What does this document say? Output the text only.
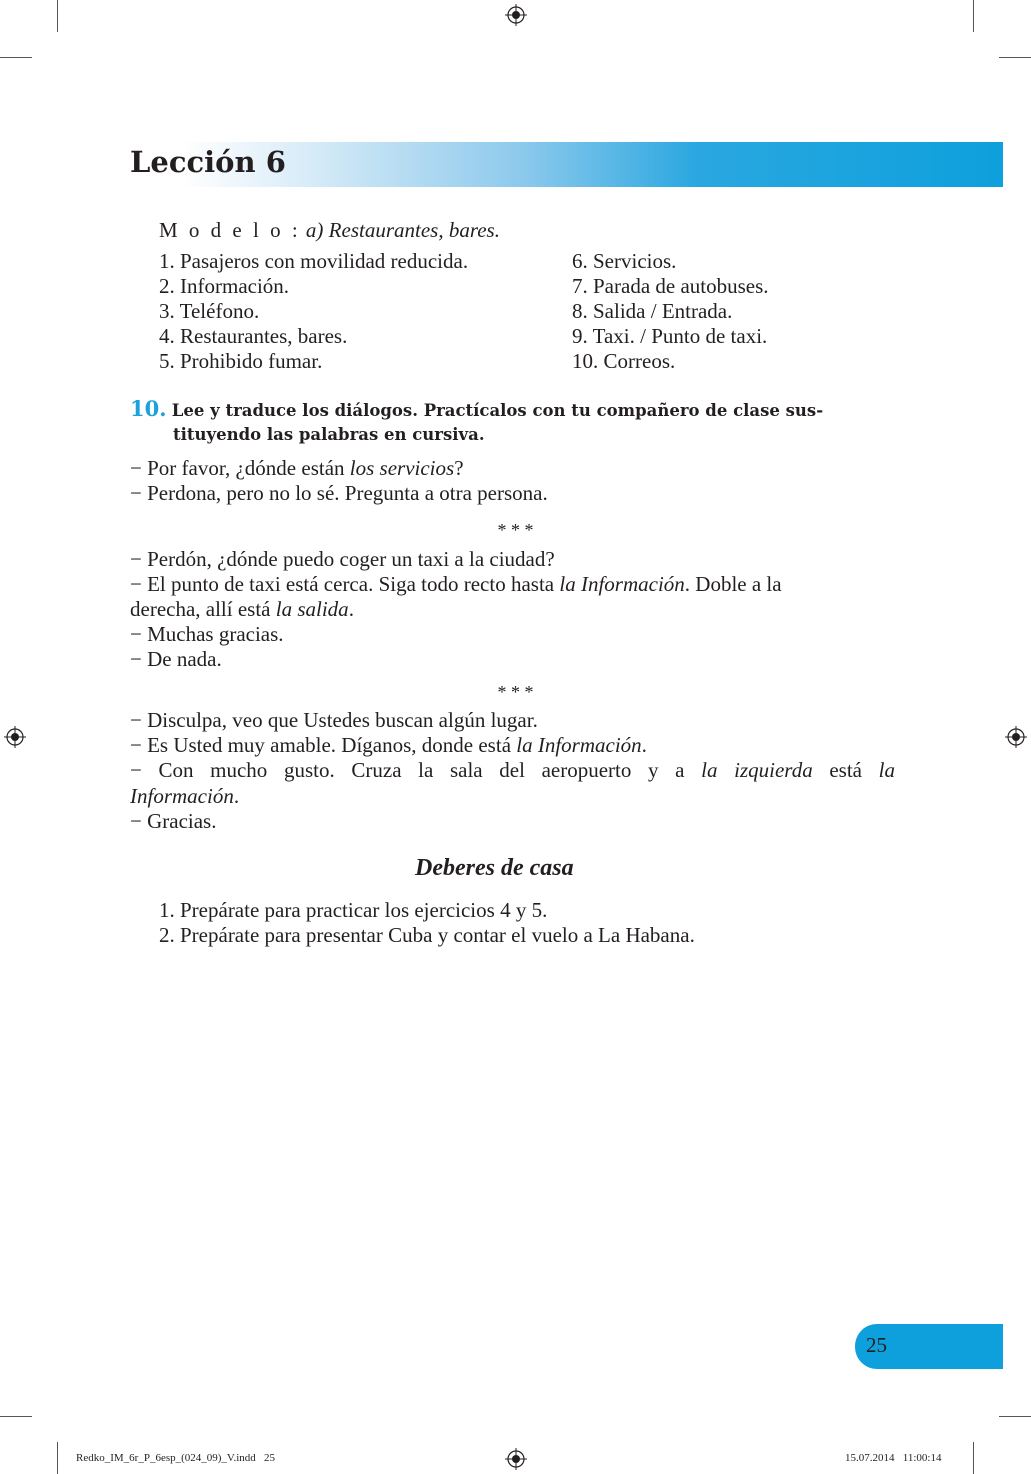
Lección 6
M o d e l o : a) Restaurantes, bares.
1. Pasajeros con movilidad reducida.
2. Información.
3. Teléfono.
4. Restaurantes, bares.
5. Prohibido fumar.
6. Servicios.
7. Parada de autobuses.
8. Salida / Entrada.
9. Taxi. / Punto de taxi.
10. Correos.
10. Lee y traduce los diálogos. Practícalos con tu compañero de clase sus-
tituyendo las palabras en cursiva.
− Por favor, ¿dónde están los servicios?
− Perdona, pero no lo sé. Pregunta a otra persona.
* * *
− Perdón, ¿dónde puedo coger un taxi a la ciudad?
− El punto de taxi está cerca. Siga todo recto hasta la Información. Doble a la
derecha, allí está la salida.
− Muchas gracias.
− De nada.
* * *
− Disculpa, veo que Ustedes buscan algún lugar.
− Es Usted muy amable. Díganos, donde está la Información.
− Con mucho gusto. Cruza la sala del aeropuerto y a la izquierda está la
Información.
− Gracias.
Deberes de casa
1. Prepárate para practicar los ejercicios 4 y 5.
2. Prepárate para presentar Cuba y contar el vuelo a La Habana.
25
Redko_IM_6r_P_6esp_(024_09)_V.indd   25	15.07.2014   11:00:14
